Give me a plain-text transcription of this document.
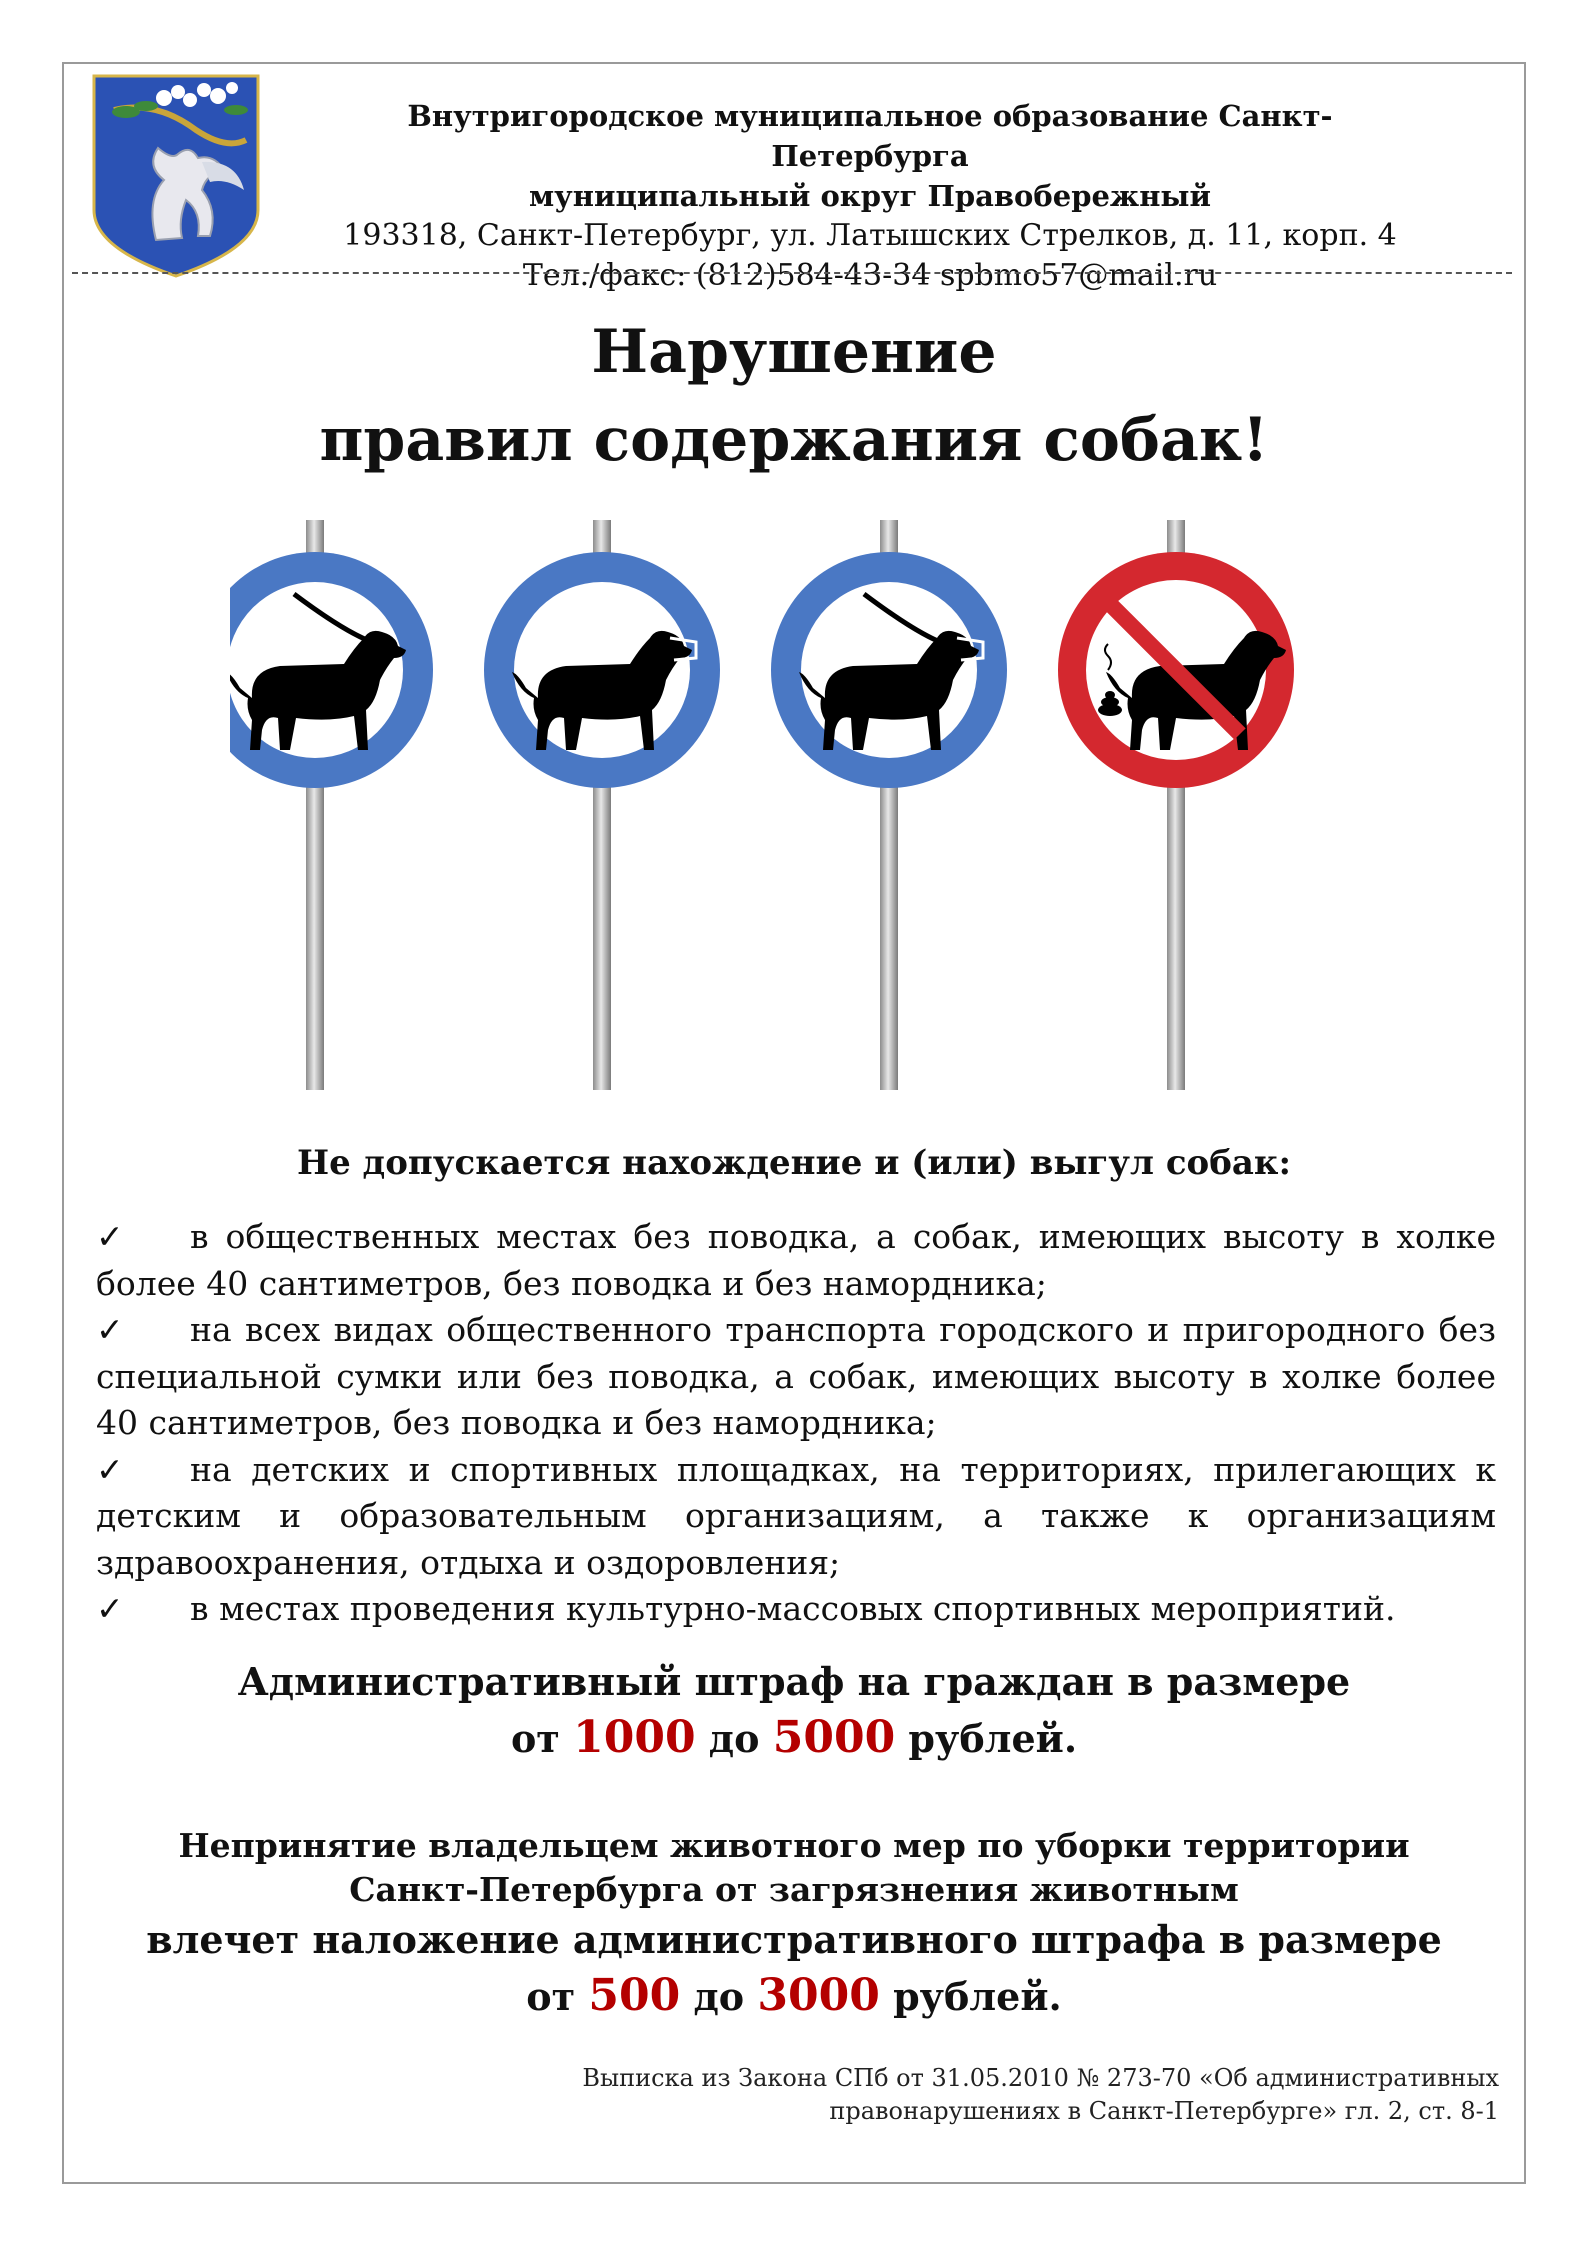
Внутригородское муниципальное образование Санкт-Петербурга
муниципальный округ Правобережный
193318, Санкт-Петербург, ул. Латышских Стрелков, д. 11, корп. 4
Тел./факс: (812)584-43-34 spbmo57@mail.ru
Нарушение
правил содержания собак!
Не допускается нахождение и (или) выгул собак:
✓ в общественных местах без поводка, а собак, имеющих высоту в холке более 40 сантиметров, без поводка и без намордника;
✓ на всех видах общественного транспорта городского и пригородного без специальной сумки или без поводка, а собак, имеющих высоту в холке более 40 сантиметров, без поводка и без намордника;
✓ на детских и спортивных площадках, на территориях, прилегающих к детским и образовательным организациям, а также к организациям здравоохранения, отдыха и оздоровления;
✓ в местах проведения культурно-массовых спортивных мероприятий.
Административный штраф на граждан в размере
от 1000 до 5000 рублей.
Непринятие владельцем животного мер по уборки территории
Санкт-Петербурга от загрязнения животным
влечет наложение административного штрафа в размере
от 500 до 3000 рублей.
Выписка из Закона СПб от 31.05.2010 № 273-70 «Об административных
правонарушениях в Санкт-Петербурге» гл. 2, ст. 8-1
